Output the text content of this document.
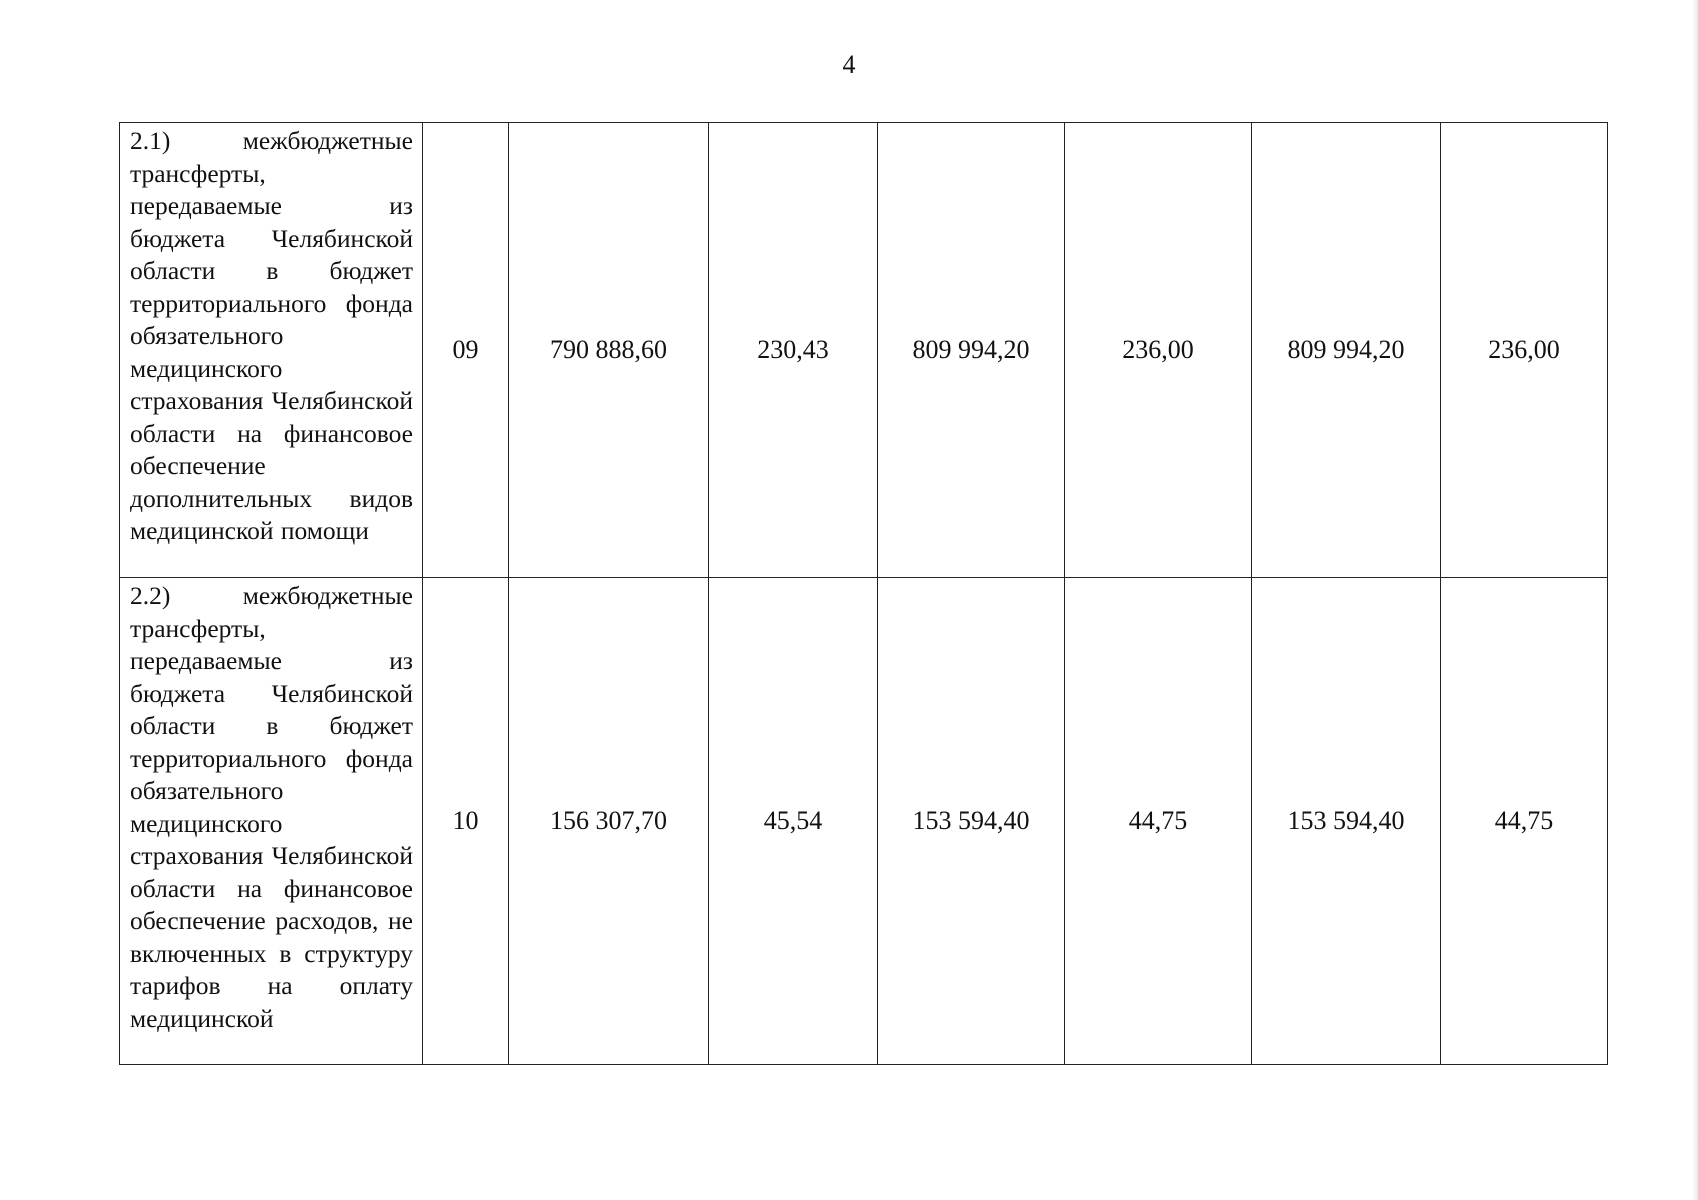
4
2.1) межбюджетные трансферты, передаваемые из бюджета Челябинской области в бюджет территориального фонда обязательного медицинского страхования Челябинской области на финансовое обеспечение дополнительных видов медицинской помощи	09	790 888,60	230,43	809 994,20	236,00	809 994,20	236,00

2.2) межбюджетные трансферты, передаваемые из бюджета Челябинской области в бюджет территориального фонда обязательного медицинского страхования Челябинской области на финансовое обеспечение расходов, не включенных в структуру тарифов на оплату медицинской	10	156 307,70	45,54	153 594,40	44,75	153 594,40	44,75
